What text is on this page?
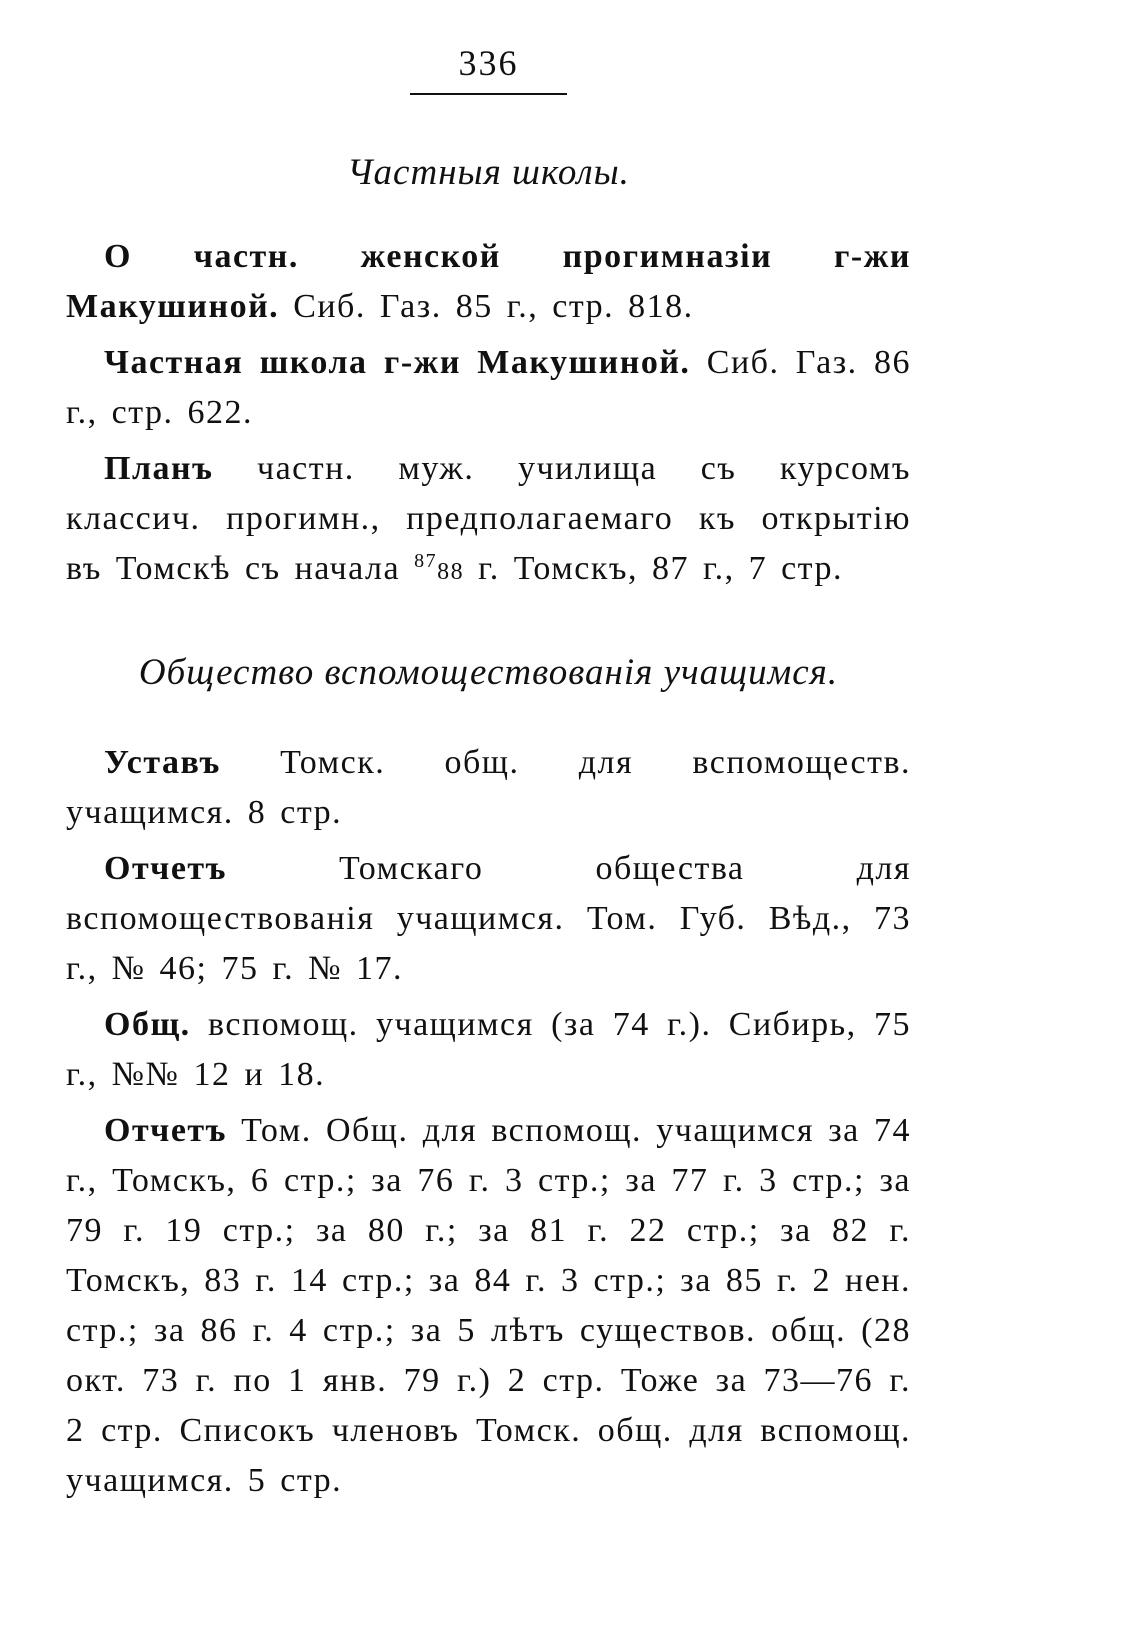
336
Частныя школы.

О частн. женской прогимназіи г-жи Макушиной. Сиб. Газ. 85 г., стр. 818.

Частная школа г-жи Макушиной. Сиб. Газ. 86 г., стр. 622.

Планъ частн. муж. училища съ курсомъ классич. прогимн., предполагаемаго къ открытію въ Томскѣ съ начала $^{87}$88 г. Томскъ, 87 г., 7 стр.

Общество вспомоществованія учащимся.

Уставъ Томск. общ. для вспомоществ. учащимся. 8 стр.

Отчетъ Томскаго общества для вспомоществованія учащимся. Том. Губ. Вѣд., 73 г., № 46; 75 г. № 17.

Общ. вспомощ. учащимся (за 74 г.). Сибирь, 75 г., №№ 12 и 18.

Отчетъ Том. Общ. для вспомощ. учащимся за 74 г., Томскъ, 6 стр.; за 76 г. 3 стр.; за 77 г. 3 стр.; за 79 г. 19 стр.; за 80 г.; за 81 г. 22 стр.; за 82 г. Томскъ, 83 г. 14 стр.; за 84 г. 3 стр.; за 85 г. 2 нен. стр.; за 86 г. 4 стр.; за 5 лѣтъ существов. общ. (28 окт. 73 г. по 1 янв. 79 г.) 2 стр. Тоже за 73—76 г. 2 стр. Списокъ членовъ Томск. общ. для вспомощ. учащимся. 5 стр.
